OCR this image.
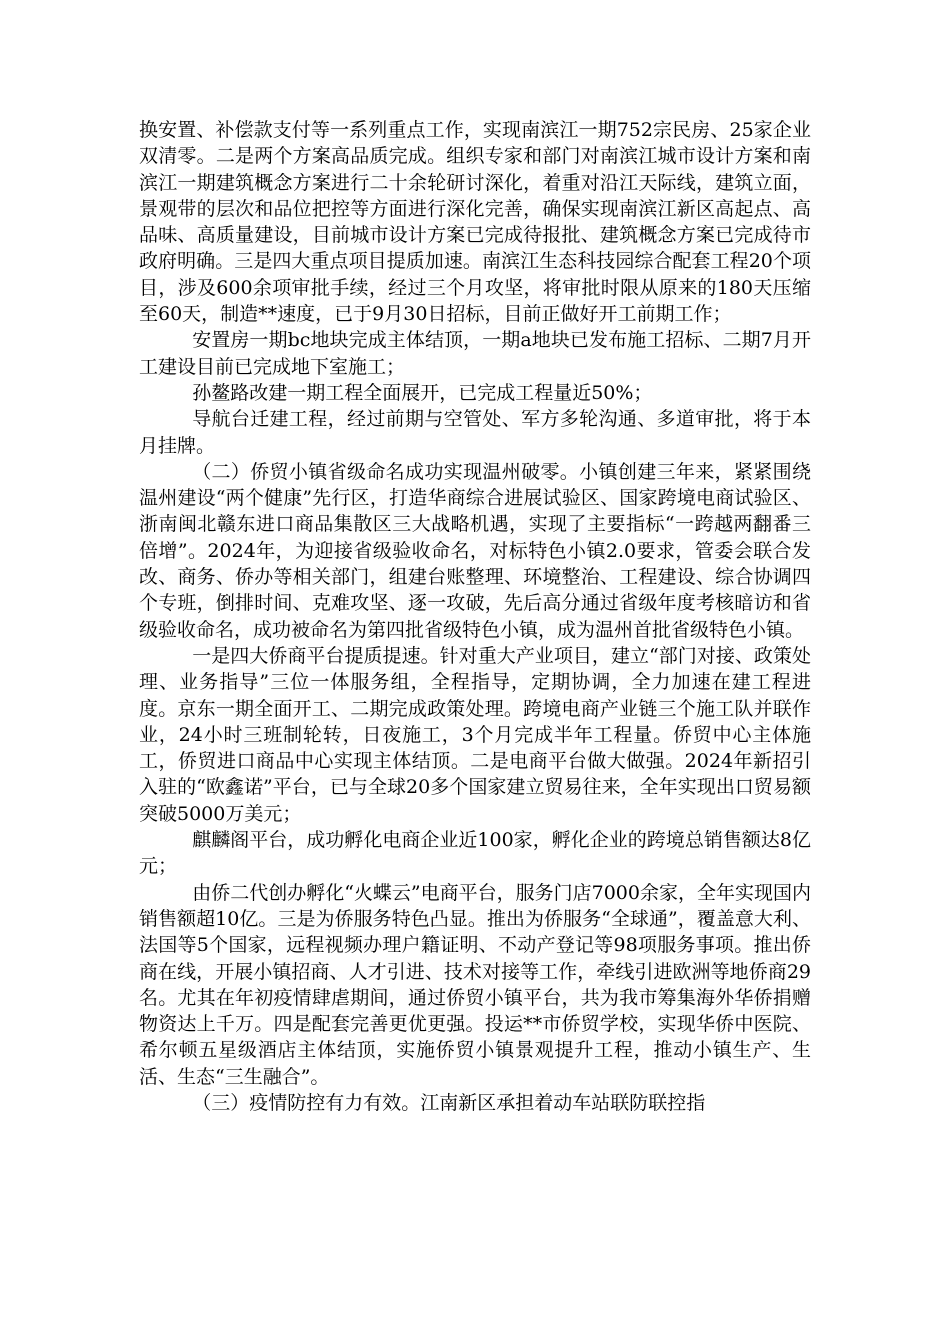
换安置、补偿款支付等一系列重点工作，实现南滨江一期752宗民房、25家企业双清零。二是两个方案高品质完成。组织专家和部门对南滨江城市设计方案和南滨江一期建筑概念方案进行二十余轮研讨深化，着重对沿江天际线，建筑立面，景观带的层次和品位把控等方面进行深化完善，确保实现南滨江新区高起点、高品味、高质量建设，目前城市设计方案已完成待报批、建筑概念方案已完成待市政府明确。三是四大重点项目提质加速。南滨江生态科技园综合配套工程20个项目，涉及600余项审批手续，经过三个月攻坚，将审批时限从原来的180天压缩至60天，制造**速度，已于9月30日招标，目前正做好开工前期工作；

安置房一期bc地块完成主体结顶，一期a地块已发布施工招标、二期7月开工建设目前已完成地下室施工；

孙鳌路改建一期工程全面展开，已完成工程量近50%；

导航台迁建工程，经过前期与空管处、军方多轮沟通、多道审批，将于本月挂牌。

（二）侨贸小镇省级命名成功实现温州破零。小镇创建三年来，紧紧围绕温州建设“两个健康”先行区，打造华商综合进展试验区、国家跨境电商试验区、浙南闽北赣东进口商品集散区三大战略机遇，实现了主要指标“一跨越两翻番三倍增”。2024年，为迎接省级验收命名，对标特色小镇2.0要求，管委会联合发改、商务、侨办等相关部门，组建台账整理、环境整治、工程建设、综合协调四个专班，倒排时间、克难攻坚、逐一攻破，先后高分通过省级年度考核暗访和省级验收命名，成功被命名为第四批省级特色小镇，成为温州首批省级特色小镇。

一是四大侨商平台提质提速。针对重大产业项目，建立“部门对接、政策处理、业务指导”三位一体服务组，全程指导，定期协调，全力加速在建工程进度。京东一期全面开工、二期完成政策处理。跨境电商产业链三个施工队并联作业，24小时三班制轮转，日夜施工，3个月完成半年工程量。侨贸中心主体施工，侨贸进口商品中心实现主体结顶。二是电商平台做大做强。2024年新招引入驻的“欧鑫诺”平台，已与全球20多个国家建立贸易往来，全年实现出口贸易额突破5000万美元；

麒麟阁平台，成功孵化电商企业近100家，孵化企业的跨境总销售额达8亿元；

由侨二代创办孵化“火蝶云”电商平台，服务门店7000余家，全年实现国内销售额超10亿。三是为侨服务特色凸显。推出为侨服务“全球通”，覆盖意大利、法国等5个国家，远程视频办理户籍证明、不动产登记等98项服务事项。推出侨商在线，开展小镇招商、人才引进、技术对接等工作，牵线引进欧洲等地侨商29名。尤其在年初疫情肆虐期间，通过侨贸小镇平台，共为我市筹集海外华侨捐赠物资达上千万。四是配套完善更优更强。投运**市侨贸学校，实现华侨中医院、希尔顿五星级酒店主体结顶，实施侨贸小镇景观提升工程，推动小镇生产、生活、生态“三生融合”。

（三）疫情防控有力有效。江南新区承担着动车站联防联控指
